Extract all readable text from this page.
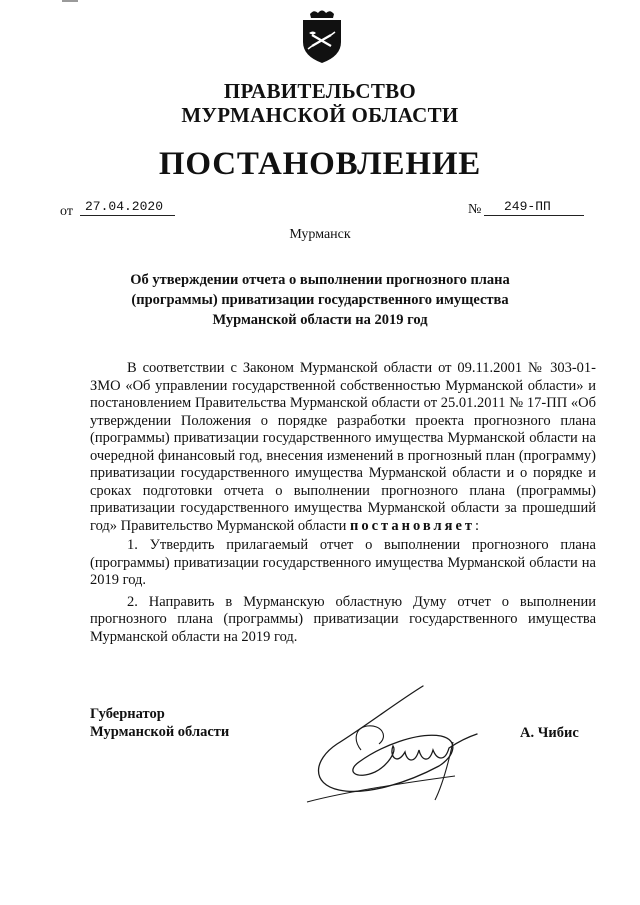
ПРАВИТЕЛЬСТВО
МУРМАНСКОЙ ОБЛАСТИ
ПОСТАНОВЛЕНИЕ
от 27.04.2020	№	249-ПП
Мурманск
Об утверждении отчета о выполнении прогнозного плана (программы) приватизации государственного имущества Мурманской области на 2019 год

В соответствии с Законом Мурманской области от 09.11.2001 № 303-01-ЗМО «Об управлении государственной собственностью Мурманской области» и постановлением Правительства Мурманской области от 25.01.2011 № 17-ПП «Об утверждении Положения о порядке разработки проекта прогнозного плана (программы) приватизации государственного имущества Мурманской области на очередной финансовый год, внесения изменений в прогнозный план (программу) приватизации государственного имущества Мурманской области и о порядке и сроках подготовки отчета о выполнении прогнозного плана (программы) приватизации государственного имущества Мурманской области за прошедший год» Правительство Мурманской области постановляет:

1. Утвердить прилагаемый отчет о выполнении прогнозного плана (программы) приватизации государственного имущества Мурманской области на 2019 год.

2. Направить в Мурманскую областную Думу отчет о выполнении прогнозного плана (программы) приватизации государственного имущества Мурманской области на 2019 год.

Губернатор
Мурманской области	А. Чибис
